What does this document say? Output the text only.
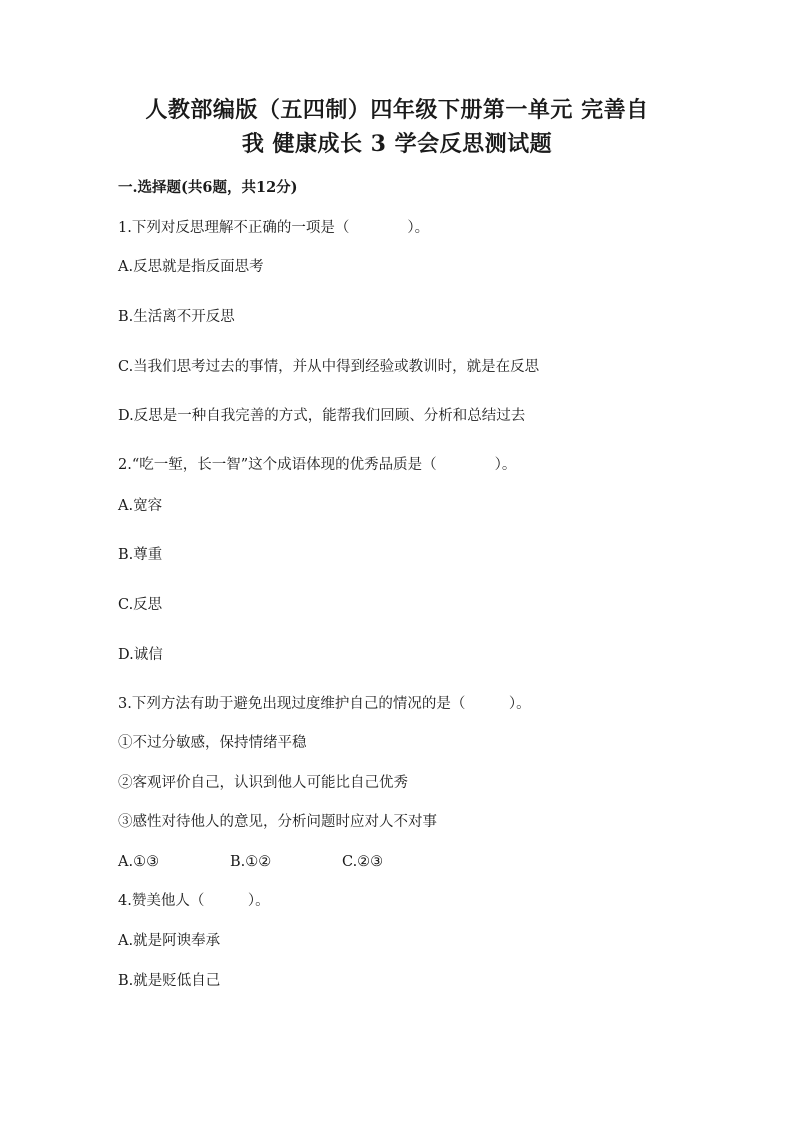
人教部编版（五四制）四年级下册第一单元 完善自
我 健康成长 3 学会反思测试题
一.选择题(共6题，共12分)
1.下列对反思理解不正确的一项是（　　　　）。
A.反思就是指反面思考
B.生活离不开反思
C.当我们思考过去的事情，并从中得到经验或教训时，就是在反思
D.反思是一种自我完善的方式，能帮我们回顾、分析和总结过去
2.“吃一堑，长一智”这个成语体现的优秀品质是（　　　　）。
A.宽容
B.尊重
C.反思
D.诚信
3.下列方法有助于避免出现过度维护自己的情况的是（　　　）。
①不过分敏感，保持情绪平稳
②客观评价自己，认识到他人可能比自己优秀
③感性对待他人的意见，分析问题时应对人不对事
A.①③	B.①②	C.②③
4.赞美他人（　　　）。
A.就是阿谀奉承
B.就是贬低自己
